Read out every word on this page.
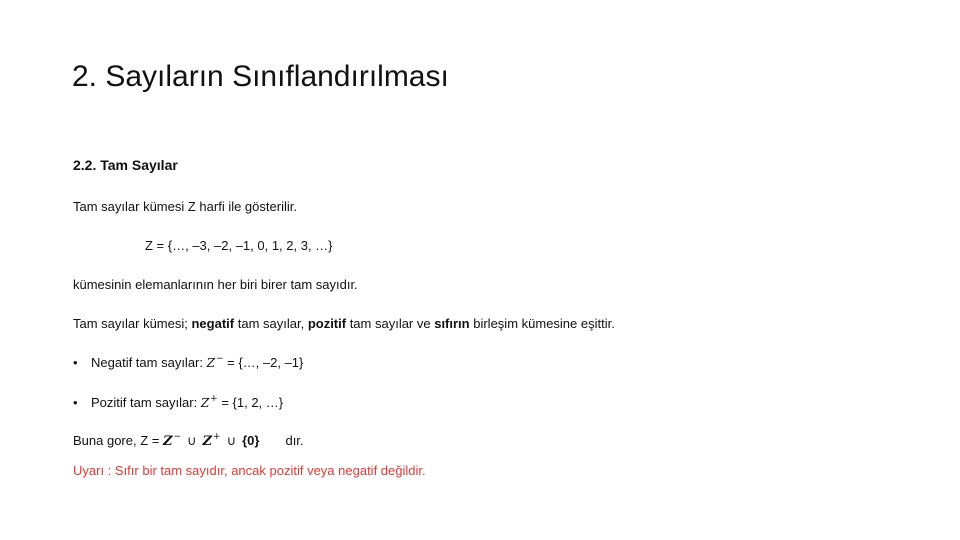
2. Sayıların Sınıflandırılması
2.2. Tam Sayılar
Tam sayılar kümesi Z harfi ile gösterilir.
Z = {…, –3, –2, –1, 0, 1, 2, 3, …}
kümesinin elemanlarının her biri birer tam sayıdır.
Tam sayılar kümesi; negatif tam sayılar, pozitif tam sayılar ve sıfırın birleşim kümesine eşittir.
• Negatif tam sayılar: Z− = {…, –2, –1}
• Pozitif tam sayılar: Z+ = {1, 2, …}
Buna gore, Z = Z− ∪ Z+ ∪ {0} dır.
Uyarı : Sıfır bir tam sayıdır, ancak pozitif veya negatif değildir.
